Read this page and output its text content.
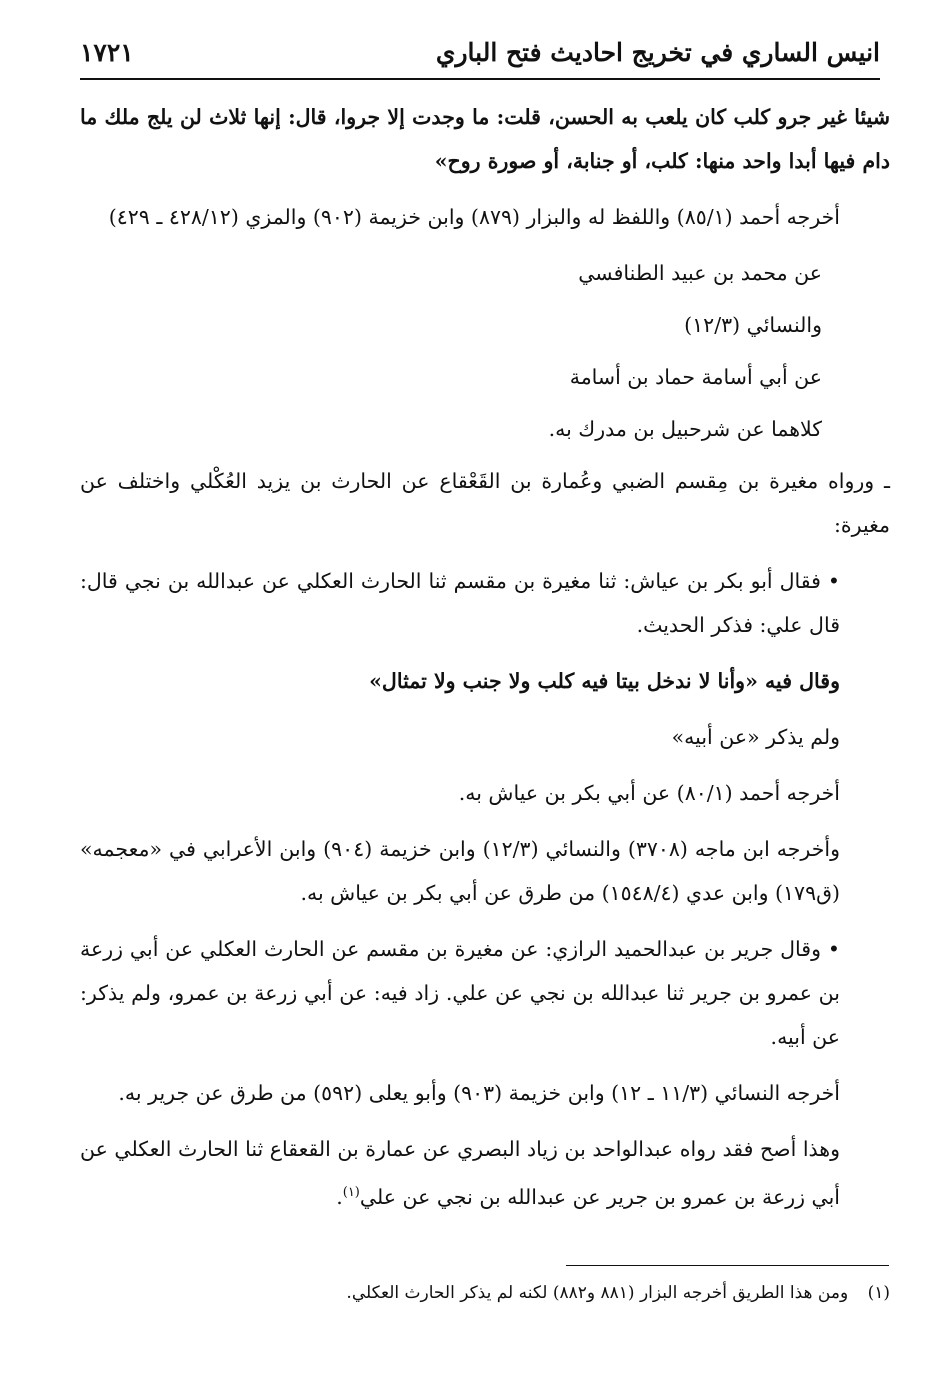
انيس الساري في تخريج احاديث فتح الباري
١٧٢١

شيئا غير جرو كلب كان يلعب به الحسن، قلت: ما وجدت إلا جروا، قال: إنها ثلاث لن يلج ملك ما دام فيها أبدا واحد منها: كلب، أو جنابة، أو صورة روح»

أخرجه أحمد (٨٥/١) واللفظ له والبزار (٨٧٩) وابن خزيمة (٩٠٢) والمزي (٤٢٨/١٢ ـ ٤٢٩)

عن محمد بن عبيد الطنافسي

والنسائي (١٢/٣)

عن أبي أسامة حماد بن أسامة

كلاهما عن شرحبيل بن مدرك به.

ـ ورواه مغيرة بن مِقسم الضبي وعُمارة بن القَعْقاع عن الحارث بن يزيد العُكْلي واختلف عن مغيرة:

• فقال أبو بكر بن عياش: ثنا مغيرة بن مقسم ثنا الحارث العكلي عن عبدالله بن نجي قال: قال علي: فذكر الحديث.

وقال فيه «وأنا لا ندخل بيتا فيه كلب ولا جنب ولا تمثال»

ولم يذكر «عن أبيه»

أخرجه أحمد (٨٠/١) عن أبي بكر بن عياش به.

وأخرجه ابن ماجه (٣٧٠٨) والنسائي (١٢/٣) وابن خزيمة (٩٠٤) وابن الأعرابي في «معجمه» (ق١٧٩) وابن عدي (١٥٤٨/٤) من طرق عن أبي بكر بن عياش به.

• وقال جرير بن عبدالحميد الرازي: عن مغيرة بن مقسم عن الحارث العكلي عن أبي زرعة بن عمرو بن جرير ثنا عبدالله بن نجي عن علي. زاد فيه: عن أبي زرعة بن عمرو، ولم يذكر: عن أبيه.

أخرجه النسائي (١١/٣ ـ ١٢) وابن خزيمة (٩٠٣) وأبو يعلى (٥٩٢) من طرق عن جرير به.

وهذا أصح فقد رواه عبدالواحد بن زياد البصري عن عمارة بن القعقاع ثنا الحارث العكلي عن أبي زرعة بن عمرو بن جرير عن عبدالله بن نجي عن علي$^{(١)}$.

(١) ومن هذا الطريق أخرجه البزار (٨٨١ و٨٨٢) لكنه لم يذكر الحارث العكلي.
